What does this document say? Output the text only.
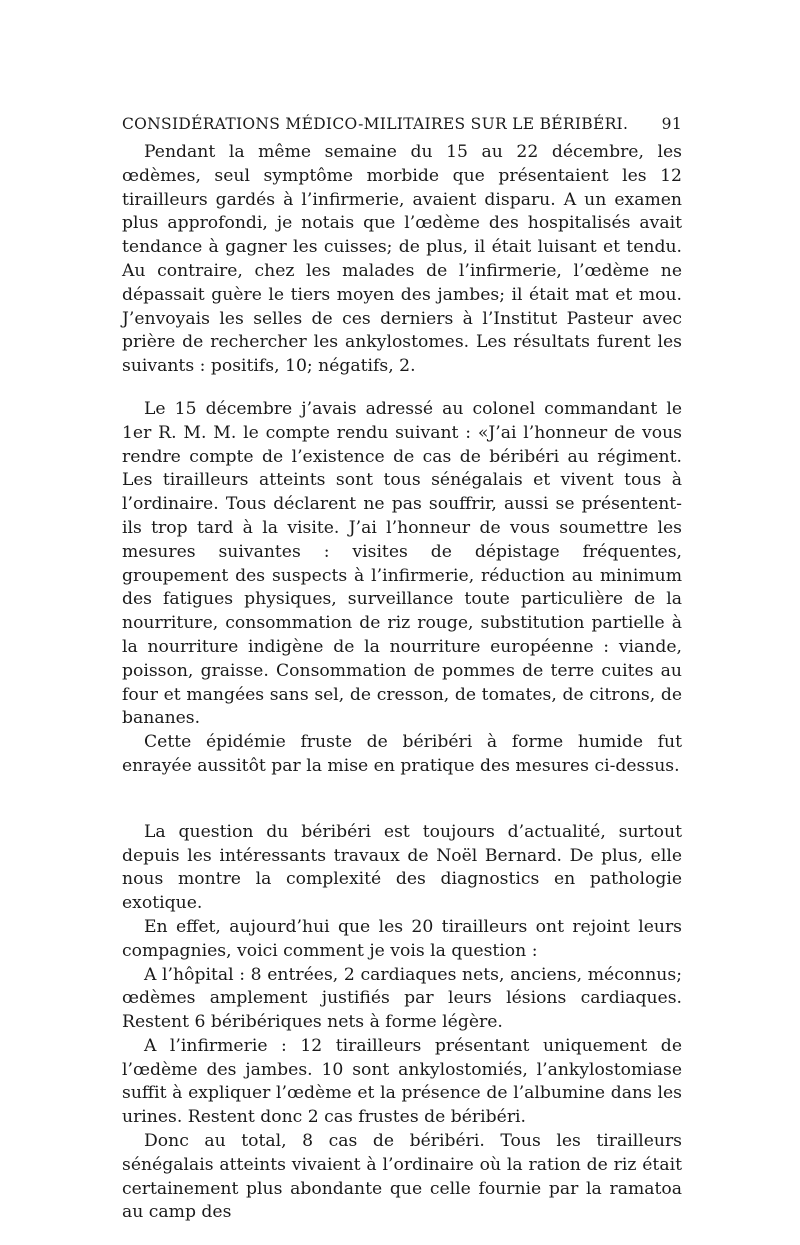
CONSIDÉRATIONS MÉDICO-MILITAIRES SUR LE BÉRIBÉRI. 91

Pendant la même semaine du 15 au 22 décembre, les œdèmes, seul symptôme morbide que présentaient les 12 tirailleurs gardés à l’infirmerie, avaient disparu. A un examen plus approfondi, je notais que l’œdème des hospitalisés avait tendance à gagner les cuisses; de plus, il était luisant et tendu. Au contraire, chez les malades de l’infirmerie, l’œdème ne dépassait guère le tiers moyen des jambes; il était mat et mou. J’envoyais les selles de ces derniers à l’Institut Pasteur avec prière de rechercher les ankylostomes. Les résultats furent les suivants : positifs, 10; négatifs, 2.

Le 15 décembre j’avais adressé au colonel commandant le 1er R. M. M. le compte rendu suivant : «J’ai l’honneur de vous rendre compte de l’existence de cas de béribéri au régiment. Les tirailleurs atteints sont tous sénégalais et vivent tous à l’ordinaire. Tous déclarent ne pas souffrir, aussi se présentent-ils trop tard à la visite. J’ai l’honneur de vous soumettre les mesures suivantes : visites de dépistage fréquentes, groupement des suspects à l’infirmerie, réduction au minimum des fatigues physiques, surveillance toute particulière de la nourriture, consommation de riz rouge, substitution partielle à la nourriture indigène de la nourriture européenne : viande, poisson, graisse. Consommation de pommes de terre cuites au four et mangées sans sel, de cresson, de tomates, de citrons, de bananes.

Cette épidémie fruste de béribéri à forme humide fut enrayée aussitôt par la mise en pratique des mesures ci-dessus.

La question du béribéri est toujours d’actualité, surtout depuis les intéressants travaux de Noël Bernard. De plus, elle nous montre la complexité des diagnostics en pathologie exotique.

En effet, aujourd’hui que les 20 tirailleurs ont rejoint leurs compagnies, voici comment je vois la question :

A l’hôpital : 8 entrées, 2 cardiaques nets, anciens, méconnus; œdèmes amplement justifiés par leurs lésions cardiaques. Restent 6 béribériques nets à forme légère.

A l’infirmerie : 12 tirailleurs présentant uniquement de l’œdème des jambes. 10 sont ankylostomiés, l’ankylostomiase suffit à expliquer l’œdème et la présence de l’albumine dans les urines. Restent donc 2 cas frustes de béribéri.

Donc au total, 8 cas de béribéri. Tous les tirailleurs sénégalais atteints vivaient à l’ordinaire où la ration de riz était certainement plus abondante que celle fournie par la ramatoa au camp des
